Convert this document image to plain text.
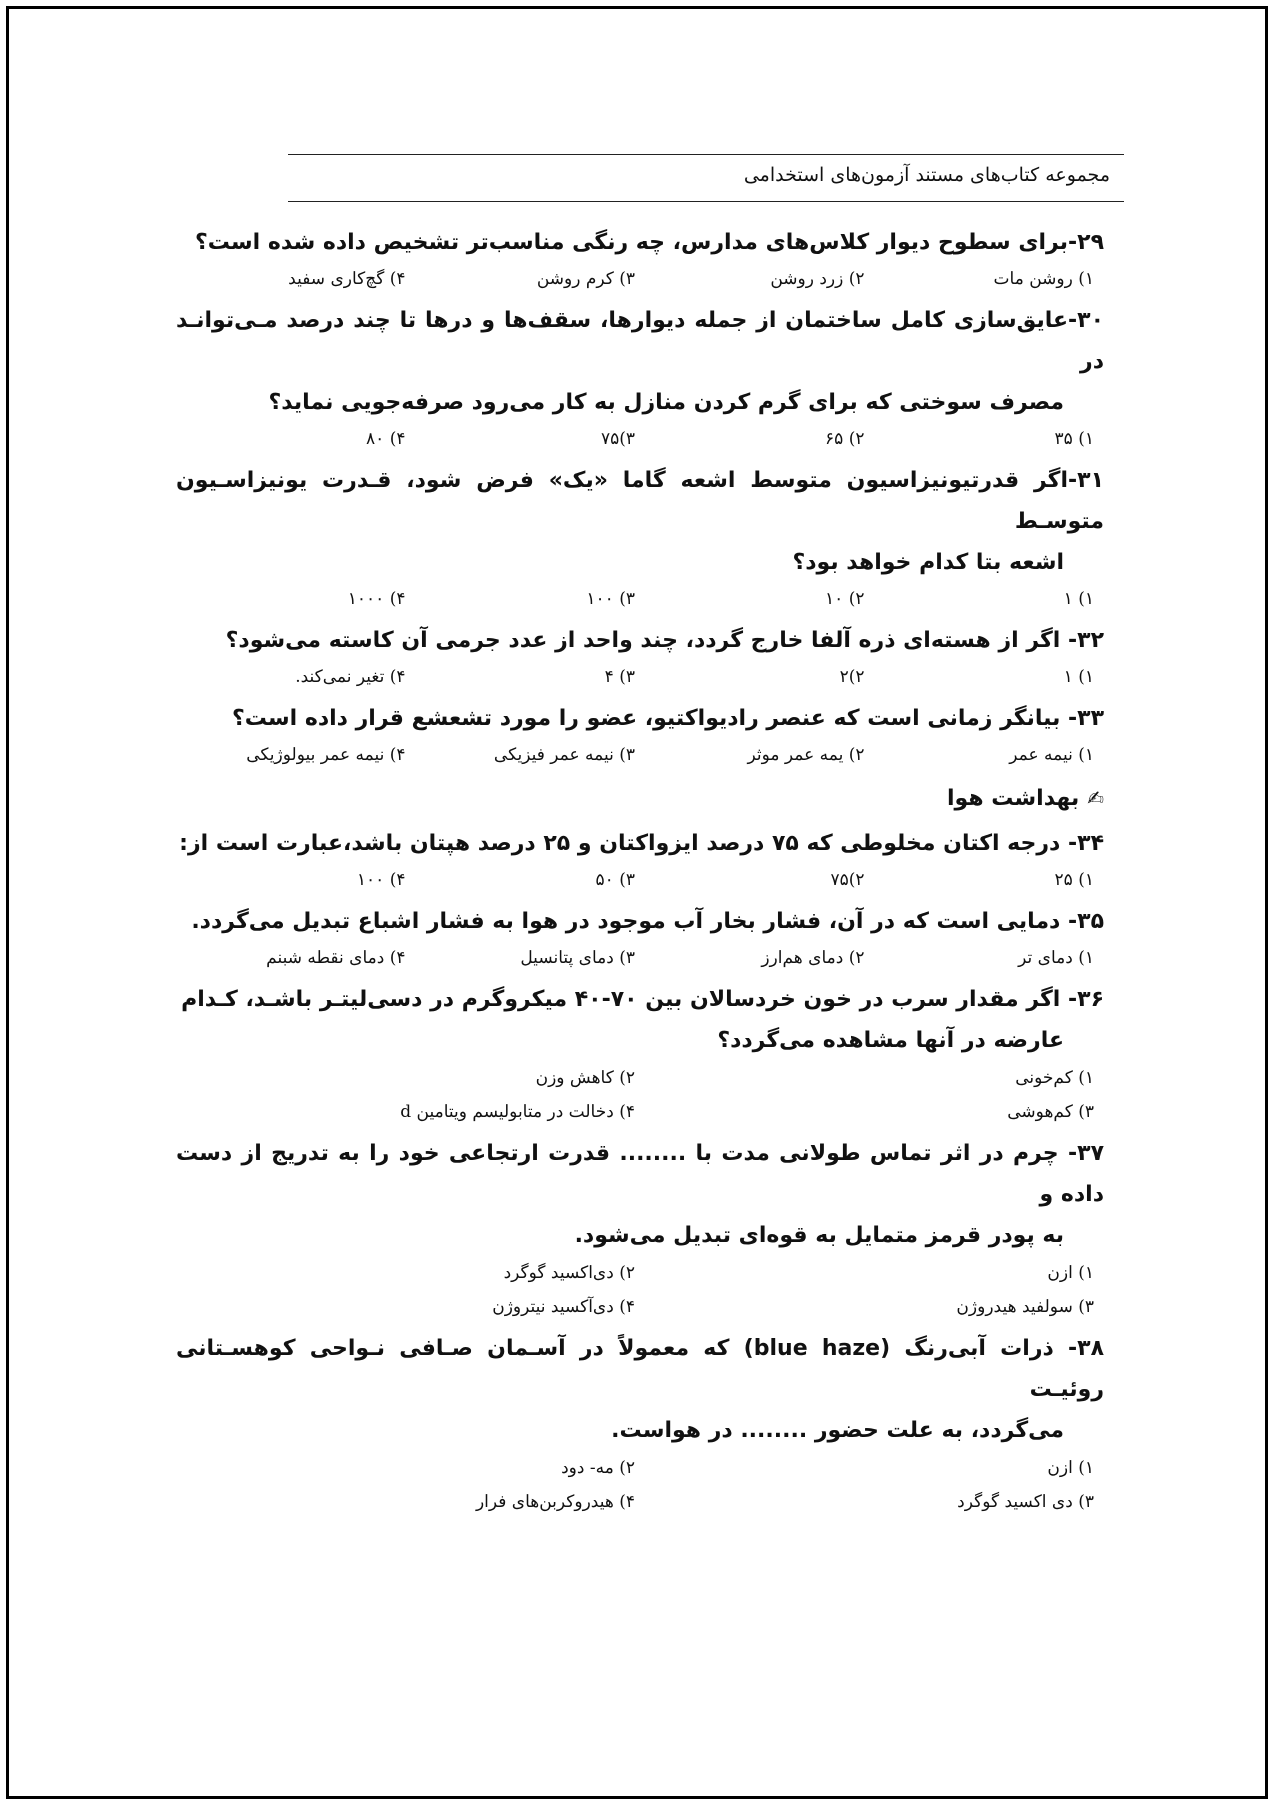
مجموعه کتاب‌های مستند آزمون‌های استخدامی

۲۹-برای سطوح دیوار کلاس‌های مدارس، چه رنگی مناسب‌تر تشخیص داده شده است؟

۱) روشن مات
۲) زرد روشن
۳) کرم روشن
۴) گچ‌کاری سفید

۳۰-عایق‌سازی کامل ساختمان از جمله دیوارها، سقف‌ها و درها تا چند درصد مـی‌توانـد در
مصرف سوختی که برای گرم کردن منازل به کار می‌رود صرفه‌جویی نماید؟

۱) ۳۵
۲) ۶۵
۳)۷۵
۴) ۸۰

۳۱-اگر قدرتیونیزاسیون متوسط اشعه گاما «یک» فرض شود، قـدرت یونیزاسـیون متوسـط
اشعه بتا کدام خواهد بود؟

۱) ۱
۲) ۱۰
۳) ۱۰۰
۴) ۱۰۰۰

۳۲- اگر از هسته‌ای ذره آلفا خارج گردد، چند واحد از عدد جرمی آن کاسته می‌شود؟

۱) ۱
۲)۲
۳) ۴
۴) تغیر نمی‌کند.

۳۳- بیانگر زمانی است که عنصر رادیواکتیو، عضو را مورد تشعشع قرار داده است؟

۱) نیمه عمر
۲) یمه عمر موثر
۳) نیمه عمر فیزیکی
۴) نیمه عمر بیولوژیکی
✍بهداشت هوا

۳۴- درجه اکتان مخلوطی که ۷۵ درصد ایزواکتان و ۲۵ درصد هپتان باشد،عبارت است از:

۱) ۲۵
۲)۷۵
۳) ۵۰
۴) ۱۰۰

۳۵- دمایی است که در آن، فشار بخار آب موجود در هوا به فشار اشباع تبدیل می‌گردد.

۱) دمای تر
۲) دمای هم‌ارز
۳) دمای پتانسیل
۴) دمای نقطه شبنم

۳۶- اگر مقدار سرب در خون خردسالان بین ۷۰-۴۰ میکروگرم در دسی‌لیتـر باشـد، کـدام
عارضه در آنها مشاهده می‌گردد؟

۱) کم‌خونی
۲) کاهش وزن
۳) کم‌هوشی
۴) دخالت در متابولیسم ویتامین d

۳۷- چرم در اثر تماس طولانی مدت با ........ قدرت ارتجاعی خود را به تدریج از دست داده و
به پودر قرمز متمایل به قوه‌ای تبدیل می‌شود.

۱) ازن
۲) دی‌اکسید گوگرد
۳) سولفید هیدروژن
۴) دی‌آکسید نیتروژن

۳۸- ذرات آبی‌رنگ (blue haze) که معمولاً در آسـمان صـافی نـواحی کوهسـتانی روئیـت
می‌گردد، به علت حضور ........ در هواست.

۱) ازن
۲) مه- دود
۳) دی اکسید گوگرد
۴) هیدروکربن‌های فرار
